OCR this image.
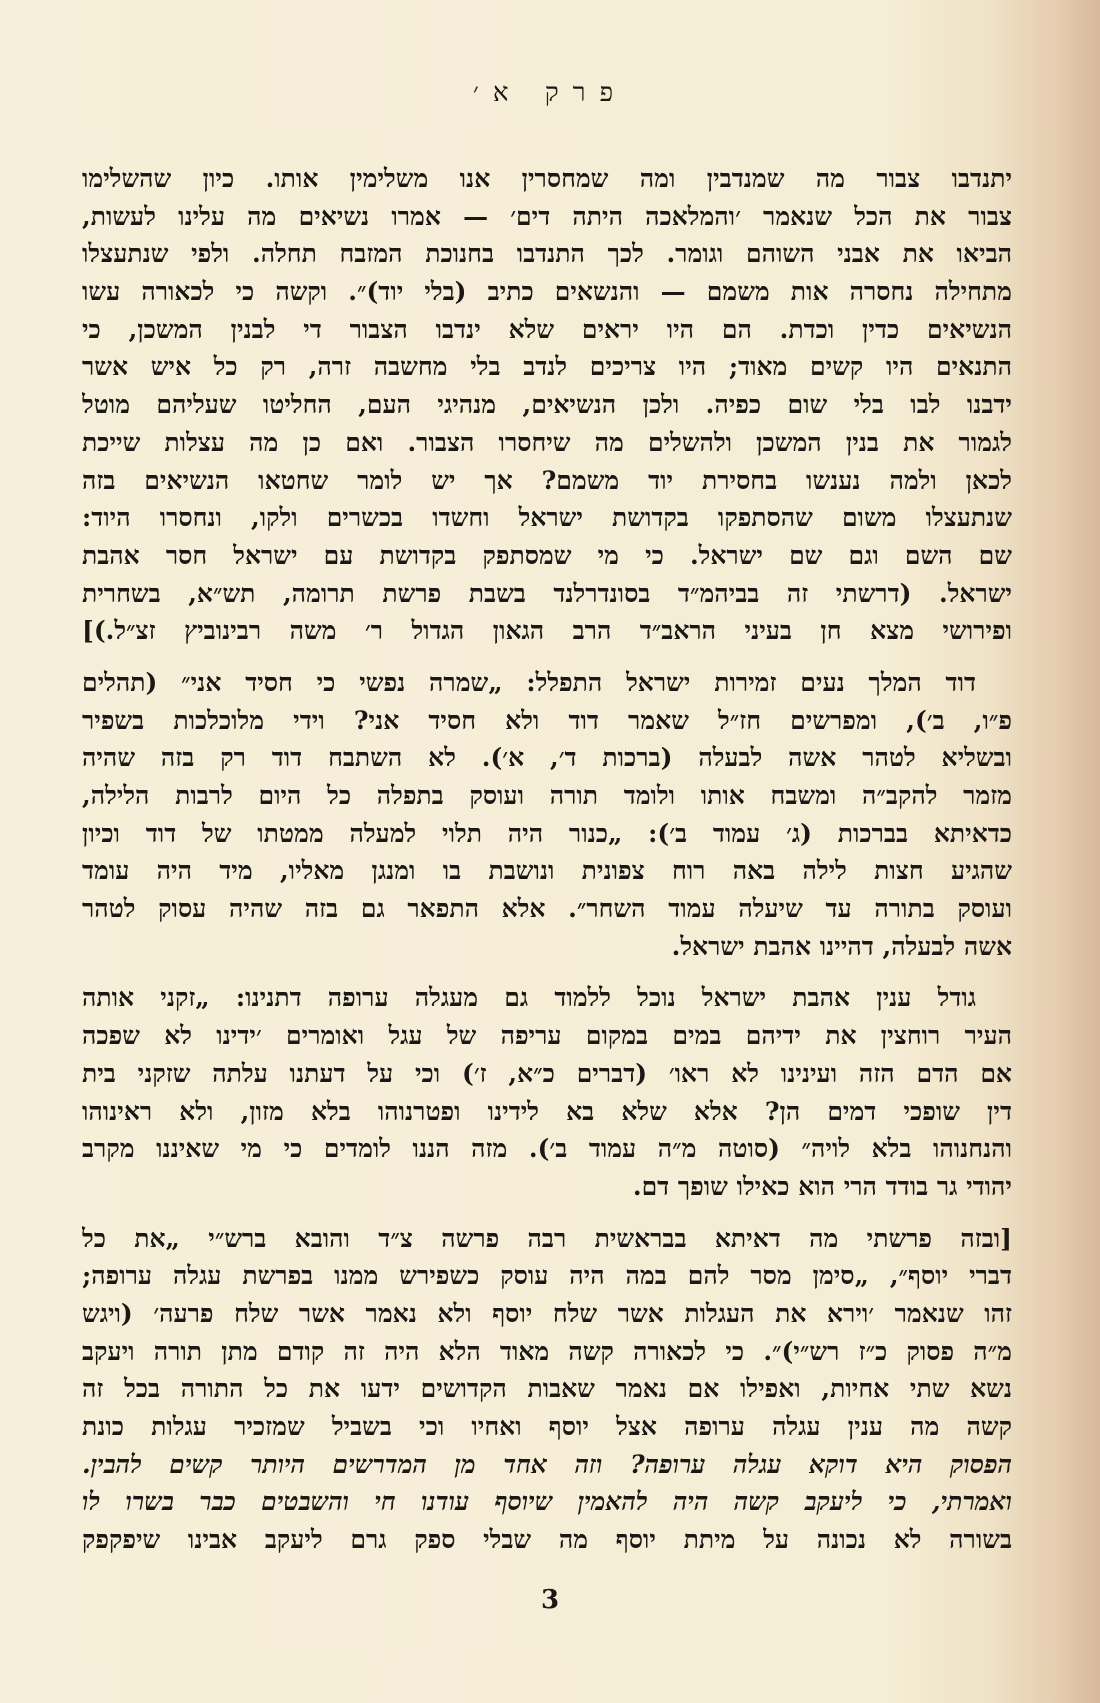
פרק א׳
יתנדבו צבור מה שמנדבין ומה שמחסרין אנו משלימין אותו. כיון שהשלימו
צבור את הכל שנאמר ׳והמלאכה היתה דים׳ — אמרו נשיאים מה עלינו לעשות,
הביאו את אבני השוהם וגומר. לכך התנדבו בחנוכת המזבח תחלה. ולפי שנתעצלו
מתחילה נחסרה אות משמם — והנשאים כתיב (בלי יוד)״. וקשה כי לכאורה עשו
הנשיאים כדין וכדת. הם היו יראים שלא ינדבו הצבור די לבנין המשכן, כי
התנאים היו קשים מאוד; היו צריכים לנדב בלי מחשבה זרה, רק כל איש אשר
ידבנו לבו בלי שום כפיה. ולכן הנשיאים, מנהיגי העם, החליטו שעליהם מוטל
לגמור את בנין המשכן ולהשלים מה שיחסרו הצבור. ואם כן מה עצלות שייכת
לכאן ולמה נענשו בחסירת יוד משמם? אך יש לומר שחטאו הנשיאים בזה
שנתעצלו משום שהסתפקו בקדושת ישראל וחשדו בכשרים ולקו, ונחסרו היוד:
שם השם וגם שם ישראל. כי מי שמסתפק בקדושת עם ישראל חסר אהבת
ישראל. (דרשתי זה בביהמ״ד בסונדרלנד בשבת פרשת תרומה, תש״א, בשחרית
ופירושי מצא חן בעיני הראב״ד הרב הגאון הגדול ר׳ משה רבינוביץ זצ״ל.)]
דוד המלך נעים זמירות ישראל התפלל: „שמרה נפשי כי חסיד אני״ (תהלים
פ״ו, ב׳), ומפרשים חז״ל שאמר דוד ולא חסיד אני? וידי מלוכלכות בשפיר
ובשליא לטהר אשה לבעלה (ברכות ד׳, א׳). לא השתבח דוד רק בזה שהיה
מזמר להקב״ה ומשבח אותו ולומד תורה ועוסק בתפלה כל היום לרבות הלילה,
כדאיתא בברכות (ג׳ עמוד ב׳): „כנור היה תלוי למעלה ממטתו של דוד וכיון
שהגיע חצות לילה באה רוח צפונית ונושבת בו ומנגן מאליו, מיד היה עומד
ועוסק בתורה עד שיעלה עמוד השחר״. אלא התפאר גם בזה שהיה עסוק לטהר
אשה לבעלה, דהיינו אהבת ישראל.
גודל ענין אהבת ישראל נוכל ללמוד גם מעגלה ערופה דתנינו: „זקני אותה
העיר רוחצין את ידיהם במים במקום עריפה של עגל ואומרים ׳ידינו לא שפכה
אם הדם הזה ועינינו לא ראו׳ (דברים כ״א, ז׳) וכי על דעתנו עלתה שזקני בית
דין שופכי דמים הן? אלא שלא בא לידינו ופטרנוהו בלא מזון, ולא ראינוהו
והנחנוהו בלא לויה״ (סוטה מ״ה עמוד ב׳). מזה הננו לומדים כי מי שאיננו מקרב
יהודי גר בודד הרי הוא כאילו שופך דם.
[ובזה פרשתי מה דאיתא בבראשית רבה פרשה צ״ד והובא ברש״י „את כל
דברי יוסף״, „סימן מסר להם במה היה עוסק כשפירש ממנו בפרשת עגלה ערופה;
זהו שנאמר ׳וירא את העגלות אשר שלח יוסף ולא נאמר אשר שלח פרעה׳ (ויגש
מ״ה פסוק כ״ז רש״י)״. כי לכאורה קשה מאוד הלא היה זה קודם מתן תורה ויעקב
נשא שתי אחיות, ואפילו אם נאמר שאבות הקדושים ידעו את כל התורה בכל זה
קשה מה ענין עגלה ערופה אצל יוסף ואחיו וכי בשביל שמזכיר עגלות כונת
הפסוק היא דוקא עגלה ערופה? וזה אחד מן המדרשים היותר קשים להבין.
ואמרתי, כי ליעקב קשה היה להאמין שיוסף עודנו חי והשבטים כבר בשרו לו
בשורה לא נכונה על מיתת יוסף מה שבלי ספק גרם ליעקב אבינו שיפקפק
3
